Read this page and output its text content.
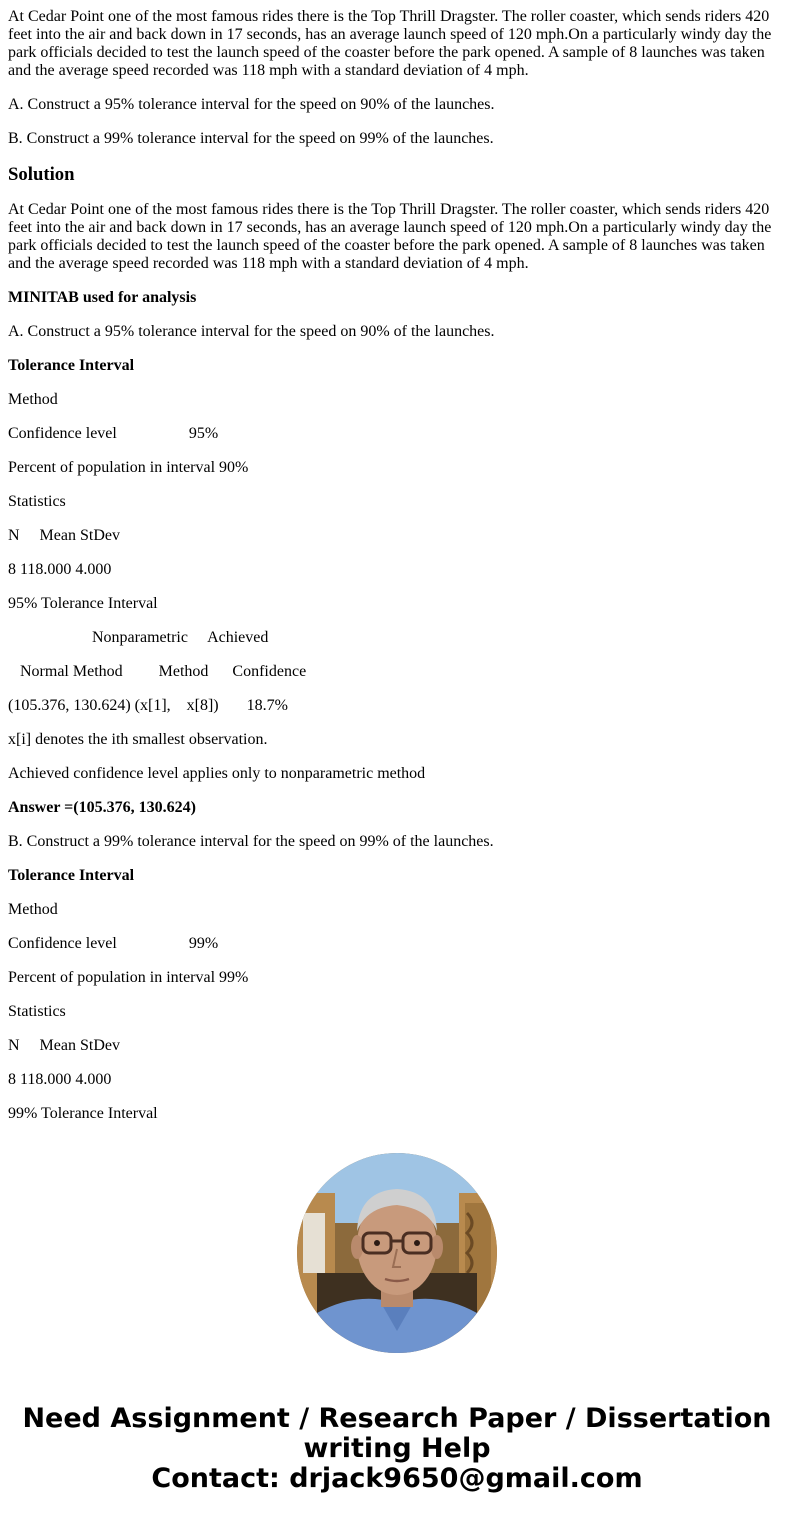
At Cedar Point one of the most famous rides there is the Top Thrill Dragster. The roller coaster, which sends riders 420 feet into the air and back down in 17 seconds, has an average launch speed of 120 mph.On a particularly windy day the park officials decided to test the launch speed of the coaster before the park opened. A sample of 8 launches was taken and the average speed recorded was 118 mph with a standard deviation of 4 mph.

A. Construct a 95% tolerance interval for the speed on 90% of the launches.

B. Construct a 99% tolerance interval for the speed on 99% of the launches.

Solution

At Cedar Point one of the most famous rides there is the Top Thrill Dragster. The roller coaster, which sends riders 420 feet into the air and back down in 17 seconds, has an average launch speed of 120 mph.On a particularly windy day the park officials decided to test the launch speed of the coaster before the park opened. A sample of 8 launches was taken and the average speed recorded was 118 mph with a standard deviation of 4 mph.

MINITAB used for analysis

A. Construct a 95% tolerance interval for the speed on 90% of the launches.

Tolerance Interval

Method

Confidence level                  95%

Percent of population in interval 90%

Statistics

N     Mean StDev

8 118.000 4.000

95% Tolerance Interval

Nonparametric     Achieved

Normal Method         Method      Confidence

(105.376, 130.624) (x[1],    x[8])       18.7%

x[i] denotes the ith smallest observation.

Achieved confidence level applies only to nonparametric method

Answer =(105.376, 130.624)

B. Construct a 99% tolerance interval for the speed on 99% of the launches.

Tolerance Interval

Method

Confidence level                  99%

Percent of population in interval 99%

Statistics

N     Mean StDev

8 118.000 4.000

99% Tolerance Interval

Need Assignment / Research Paper / Dissertation
writing Help
Contact: drjack9650@gmail.com
